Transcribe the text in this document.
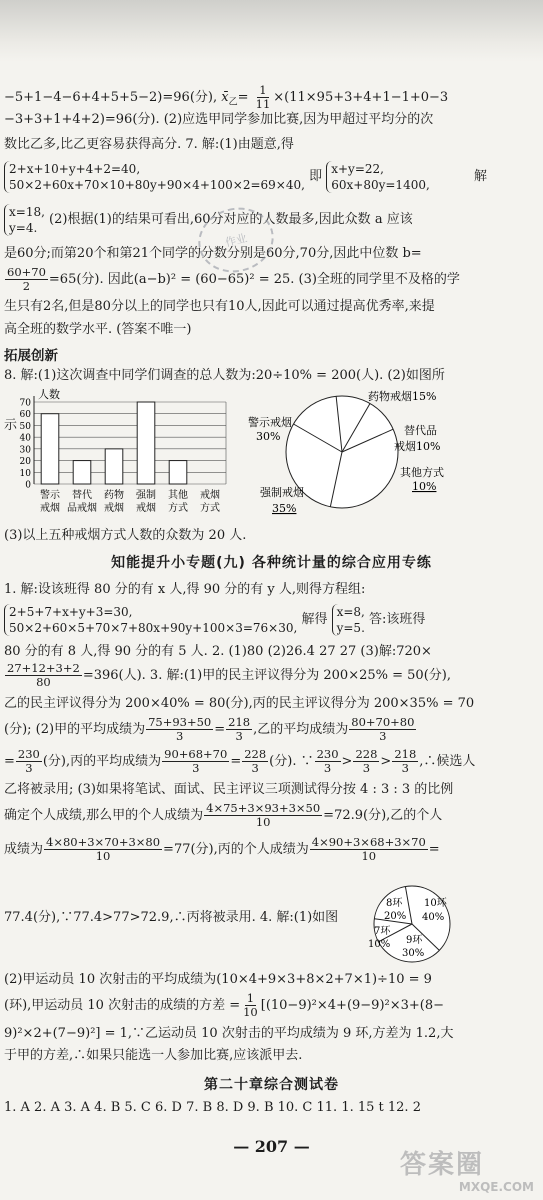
−5+1−4−6+4+5+5−2)=96(分), $x̄_乙= \frac{1}{11} \times(11\times 95+3+4+1-1+0-3$
−3+3+1+4+2)=96(分). (2)应选甲同学参加比赛,因为甲超过平均分的次
数比乙多,比乙更容易获得高分. 7. 解:(1)由题意,得
2+x+10+y+4+2=40,
50×2+60x+70×10+80y+90×4+100×2=69×40,
即
x+y=22,
60x+80y=1400,
解
x=18,
y=4.
(2)根据(1)的结果可看出,60分对应的人数最多,因此众数 a 应该
是60分;而第20个和第21个同学的分数分别是60分,70分,因此中位数 b=
$\frac{60+70}{2} =65$(分). 因此(a−b)² = (60−65)² = 25. (3)全班的同学里不及格的学
生只有2名,但是80分以上的同学也只有10人,因此可以通过提高优秀率,来提
高全班的数学水平. (答案不唯一)
作业
拓展创新
8. 解:(1)这次调查中同学们调查的总人数为:20÷10% = 200(人). (2)如图所
70
60
50
40
30
20
10
0
警示
戒烟
替代
品戒烟
药物
戒烟
强制
戒烟
其他
方式
戒烟
方式
人数
示	警示戒烟
30%
药物戒烟15%
替代品
戒烟10%
其他方式
10%
强制戒烟
35%
(3)以上五种戒烟方式人数的众数为 20 人.
知能提升小专题(九) 各种统计量的综合应用专练
1. 解:设该班得 80 分的有 x 人,得 90 分的有 y 人,则得方程组:
2+5+7+x+y+3=30,
50×2+60×5+70×7+80x+90y+100×3=76×30,
解得
x=8,
y=5.
答:该班得
80 分的有 8 人,得 90 分的有 5 人. 2. (1)80 (2)26.4 27 27 (3)解:720×
$\frac{27+12+3+2}{80} =396$(人). 3. 解:(1)甲的民主评议得分为 200×25% = 50(分),
乙的民主评议得分为 200×40% = 80(分),丙的民主评议得分为 200×35% = 70
(分); (2)甲的平均成绩为 $\frac{75+93+50}{3} = \frac{218}{3}$ ,乙的平均成绩为 $\frac{80+70+80}{3}$
= $\frac{230}{3}$ (分),丙的平均成绩为 $\frac{90+68+70}{3} = \frac{228}{3}$ (分). ∵ $\frac{230}{3} > \frac{228}{3} > \frac{218}{3}$ ,∴候选人
乙将被录用; (3)如果将笔试、面试、民主评议三项测试得分按 4 : 3 : 3 的比例
确定个人成绩,那么甲的个人成绩为 $\frac{4\times 75+3\times 93+3\times 50}{10} =72.9$(分),乙的个人
成绩为 $\frac{4\times 80+3\times 70+3\times 80}{10} =77$(分),丙的个人成绩为 $\frac{4\times 90+3\times 68+3\times 70}{10}$ =
8环
20%
10环
40%
9环
30%
7环
10%
77.4(分),∵77.4>77>72.9,∴丙将被录用. 4. 解:(1)如图
(2)甲运动员 10 次射击的平均成绩为(10×4+9×3+8×2+7×1)÷10 = 9
(环),甲运动员 10 次射击的成绩的方差 = $\frac{1}{10} [(10-9)^2\times 4+(9-9)^2\times 3+(8-$
9)²×2+(7−9)²] = 1,∵乙运动员 10 次射击的平均成绩为 9 环,方差为 1.2,大
于甲的方差,∴如果只能选一人参加比赛,应该派甲去.
第二十章综合测试卷
1. A 2. A 3. A 4. B 5. C 6. D 7. B 8. D 9. B 10. C 11. 1. 15 t 12. 2
— 207 —
答案圈
MXQE.COM
